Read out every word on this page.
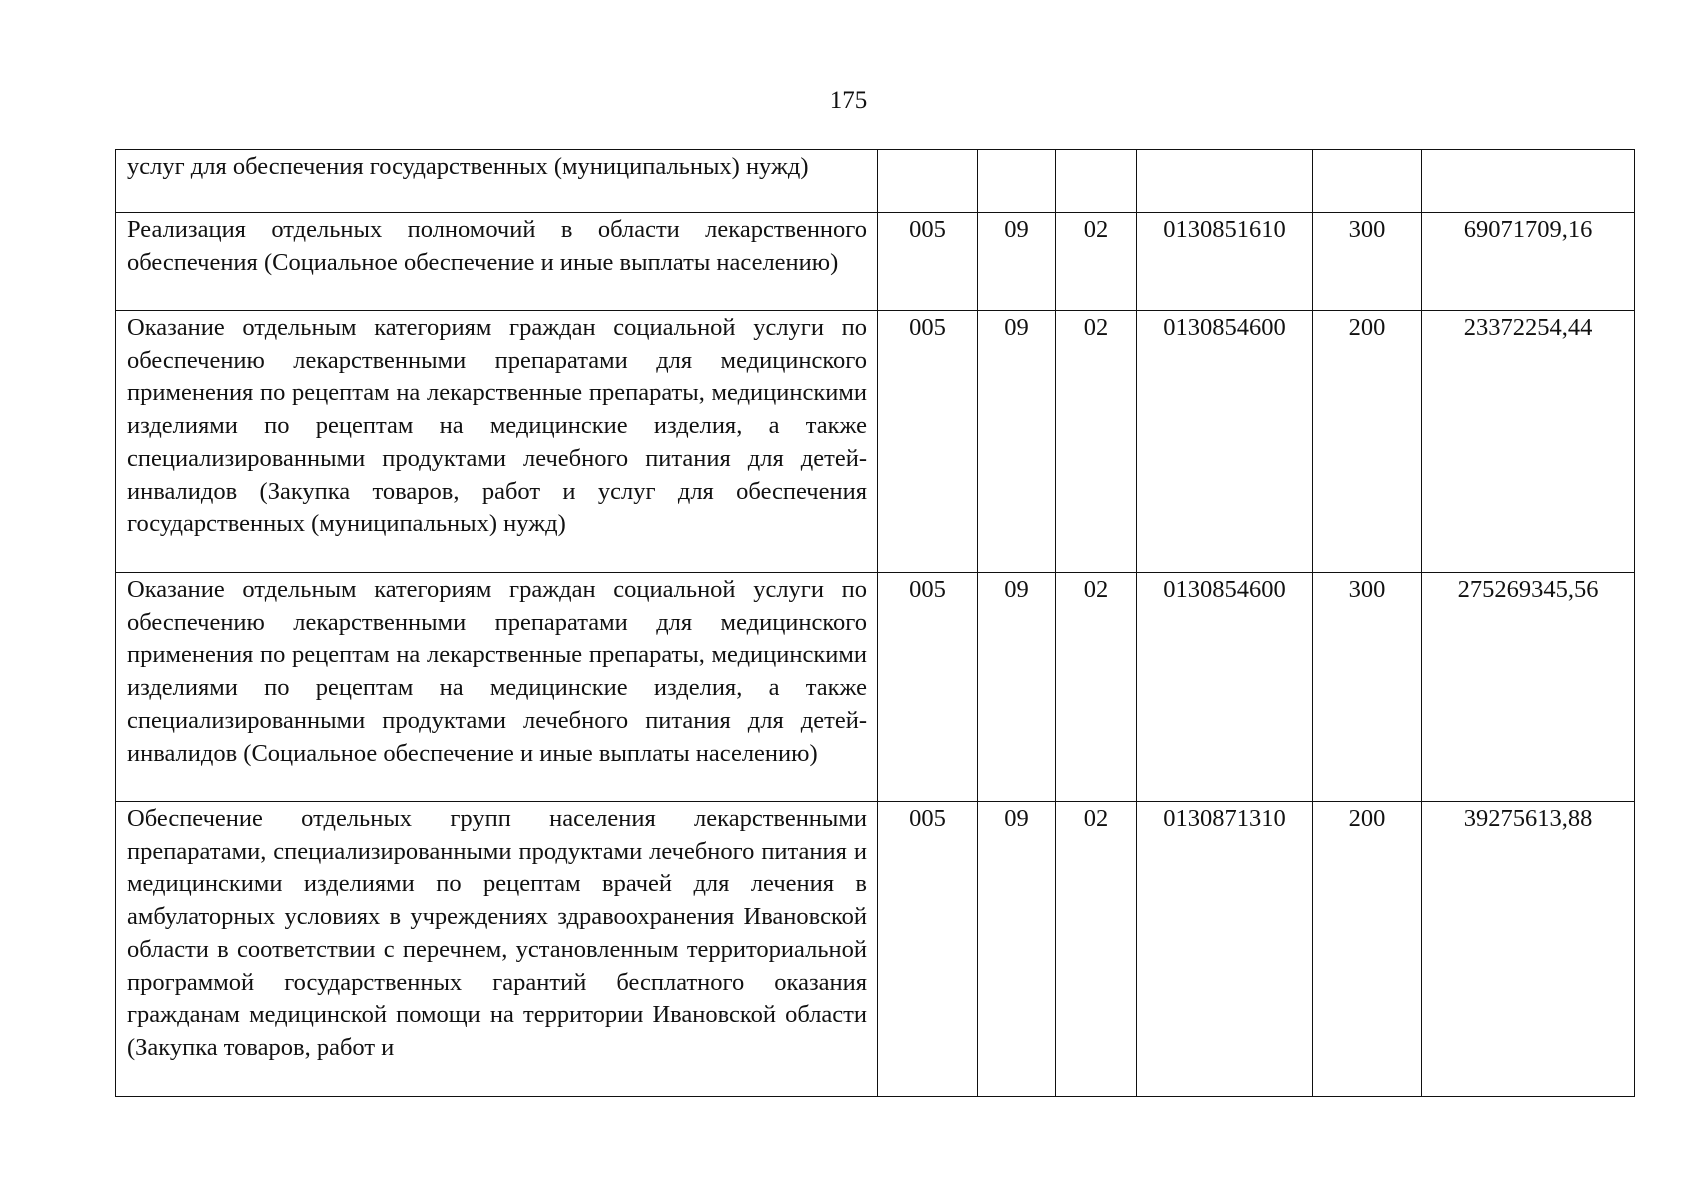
175
услуг для обеспечения государственных (муниципальных) нужд)						
Реализация отдельных полномочий в области лекарственного обеспечения (Социальное обеспечение и иные выплаты населению)	005	09	02	0130851610	300	69071709,16
Оказание отдельным категориям граждан социальной услуги по обеспечению лекарственными препаратами для медицинского применения по рецептам на лекарственные препараты, медицинскими изделиями по рецептам на медицинские изделия, а также специализированными продуктами лечебного питания для детей-инвалидов (Закупка товаров, работ и услуг для обеспечения государственных (муниципальных) нужд)	005	09	02	0130854600	200	23372254,44
Оказание отдельным категориям граждан социальной услуги по обеспечению лекарственными препаратами для медицинского применения по рецептам на лекарственные препараты, медицинскими изделиями по рецептам на медицинские изделия, а также специализированными продуктами лечебного питания для детей-инвалидов (Социальное обеспечение и иные выплаты населению)	005	09	02	0130854600	300	275269345,56
Обеспечение отдельных групп населения лекарственными препаратами, специализированными продуктами лечебного питания и медицинскими изделиями по рецептам врачей для лечения в амбулаторных условиях в учреждениях здравоохранения Ивановской области в соответствии с перечнем, установленным территориальной программой государственных гарантий бесплатного оказания гражданам медицинской помощи на территории Ивановской области (Закупка товаров, работ и	005	09	02	0130871310	200	39275613,88
